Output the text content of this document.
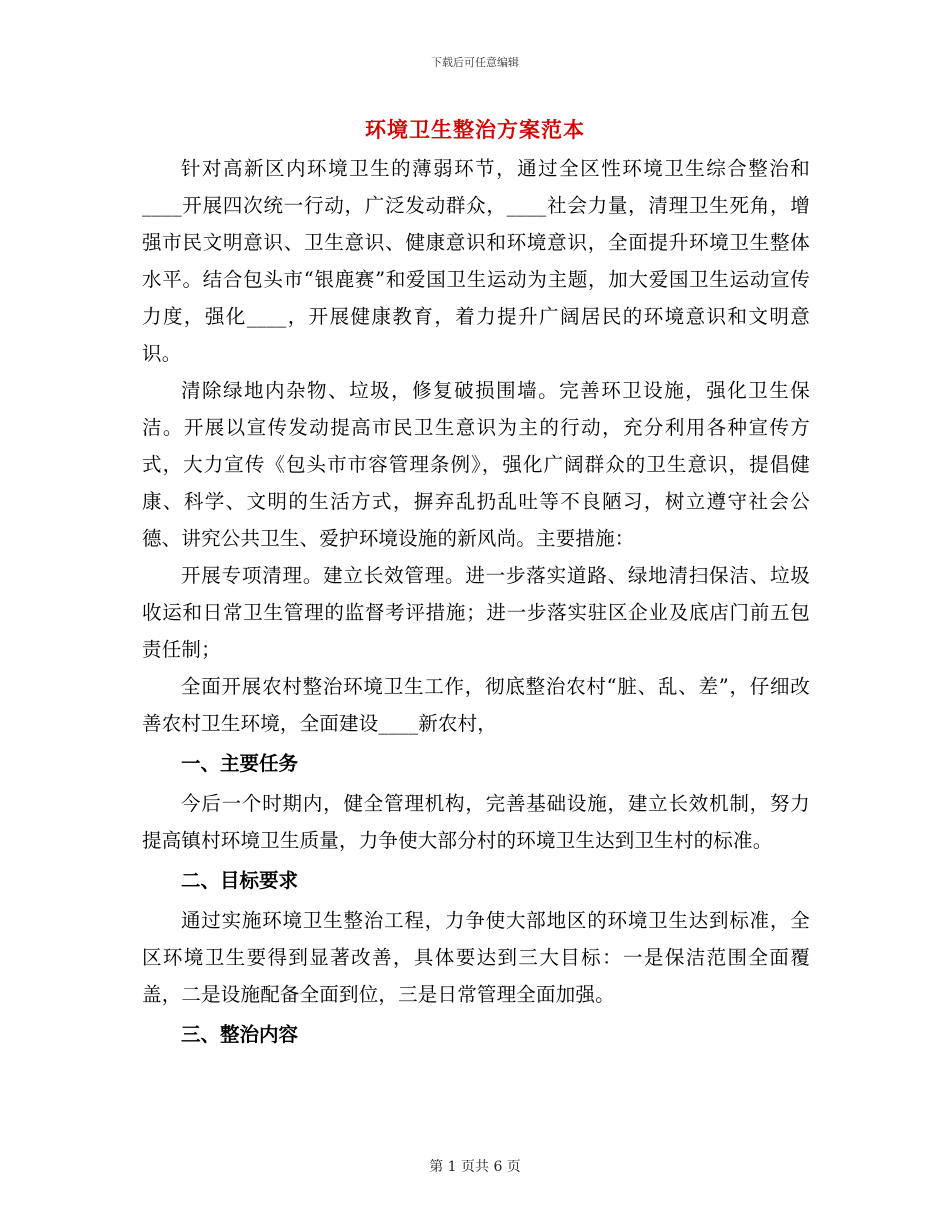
下载后可任意编辑
环境卫生整治方案范本

针对高新区内环境卫生的薄弱环节，通过全区性环境卫生综合整治和____开展四次统一行动，广泛发动群众，____社会力量，清理卫生死角，增强市民文明意识、卫生意识、健康意识和环境意识，全面提升环境卫生整体水平。结合包头市“银鹿赛”和爱国卫生运动为主题，加大爱国卫生运动宣传力度，强化____，开展健康教育，着力提升广阔居民的环境意识和文明意识。

清除绿地内杂物、垃圾，修复破损围墙。完善环卫设施，强化卫生保洁。开展以宣传发动提高市民卫生意识为主的行动，充分利用各种宣传方式，大力宣传《包头市市容管理条例》，强化广阔群众的卫生意识，提倡健康、科学、文明的生活方式，摒弃乱扔乱吐等不良陋习，树立遵守社会公德、讲究公共卫生、爱护环境设施的新风尚。主要措施：

开展专项清理。建立长效管理。进一步落实道路、绿地清扫保洁、垃圾收运和日常卫生管理的监督考评措施；进一步落实驻区企业及底店门前五包责任制；

全面开展农村整治环境卫生工作，彻底整治农村“脏、乱、差”，仔细改善农村卫生环境，全面建设____新农村，

一、主要任务

今后一个时期内，健全管理机构，完善基础设施，建立长效机制，努力提高镇村环境卫生质量，力争使大部分村的环境卫生达到卫生村的标准。

二、目标要求

通过实施环境卫生整治工程，力争使大部地区的环境卫生达到标准，全区环境卫生要得到显著改善，具体要达到三大目标：一是保洁范围全面覆盖，二是设施配备全面到位，三是日常管理全面加强。

三、整治内容

第 1 页共 6 页
